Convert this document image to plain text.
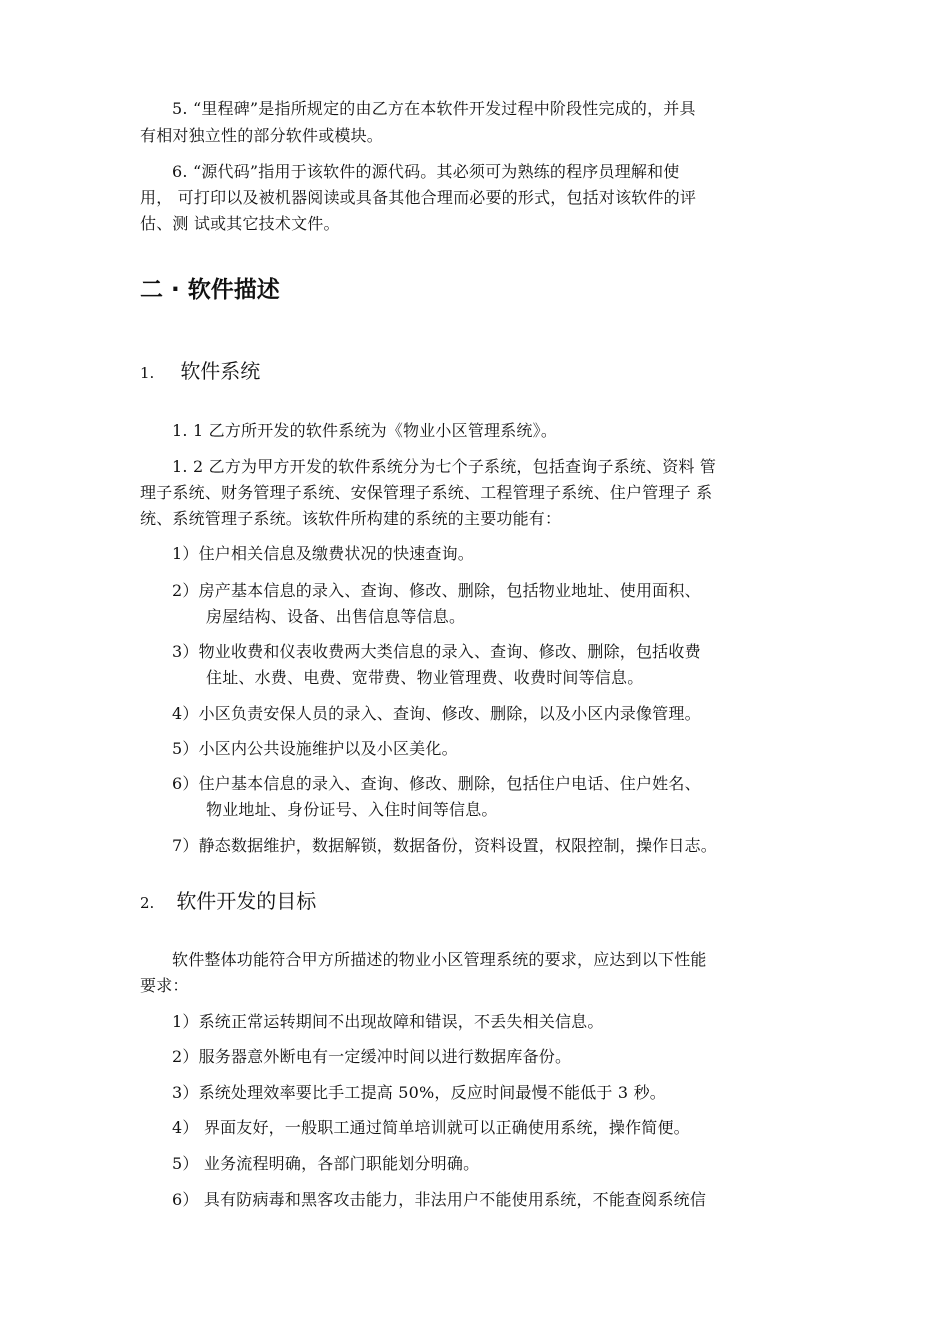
5. “里程碑”是指所规定的由乙方在本软件开发过程中阶段性完成的，并具

有相对独立性的部分软件或模块。

6. “源代码”指用于该软件的源代码。其必须可为熟练的程序员理解和使

用， 可打印以及被机器阅读或具备其他合理而必要的形式，包括对该软件的评

估、测 试或其它技术文件。

二 · 软件描述
1. 软件系统

1. 1 乙方所开发的软件系统为《物业小区管理系统》。

1. 2 乙方为甲方开发的软件系统分为七个子系统，包括查询子系统、资料 管

理子系统、财务管理子系统、安保管理子系统、工程管理子系统、住户管理子 系

统、系统管理子系统。该软件所构建的系统的主要功能有：

1）住户相关信息及缴费状况的快速查询。

2）房产基本信息的录入、查询、修改、删除，包括物业地址、使用面积、

房屋结构、设备、出售信息等信息。

3）物业收费和仪表收费两大类信息的录入、查询、修改、删除，包括收费

住址、水费、电费、宽带费、物业管理费、收费时间等信息。

4）小区负责安保人员的录入、查询、修改、删除，以及小区内录像管理。

5）小区内公共设施维护以及小区美化。

6）住户基本信息的录入、查询、修改、删除，包括住户电话、住户姓名、

物业地址、身份证号、入住时间等信息。

7）静态数据维护，数据解锁，数据备份，资料设置，权限控制，操作日志。

2. 软件开发的目标

软件整体功能符合甲方所描述的物业小区管理系统的要求，应达到以下性能

要求：

1）系统正常运转期间不出现故障和错误，不丢失相关信息。

2）服务器意外断电有一定缓冲时间以进行数据库备份。

3）系统处理效率要比手工提高 50%，反应时间最慢不能低于 3 秒。

4） 界面友好，一般职工通过简单培训就可以正确使用系统，操作简便。

5） 业务流程明确，各部门职能划分明确。

6） 具有防病毒和黑客攻击能力，非法用户不能使用系统，不能查阅系统信
